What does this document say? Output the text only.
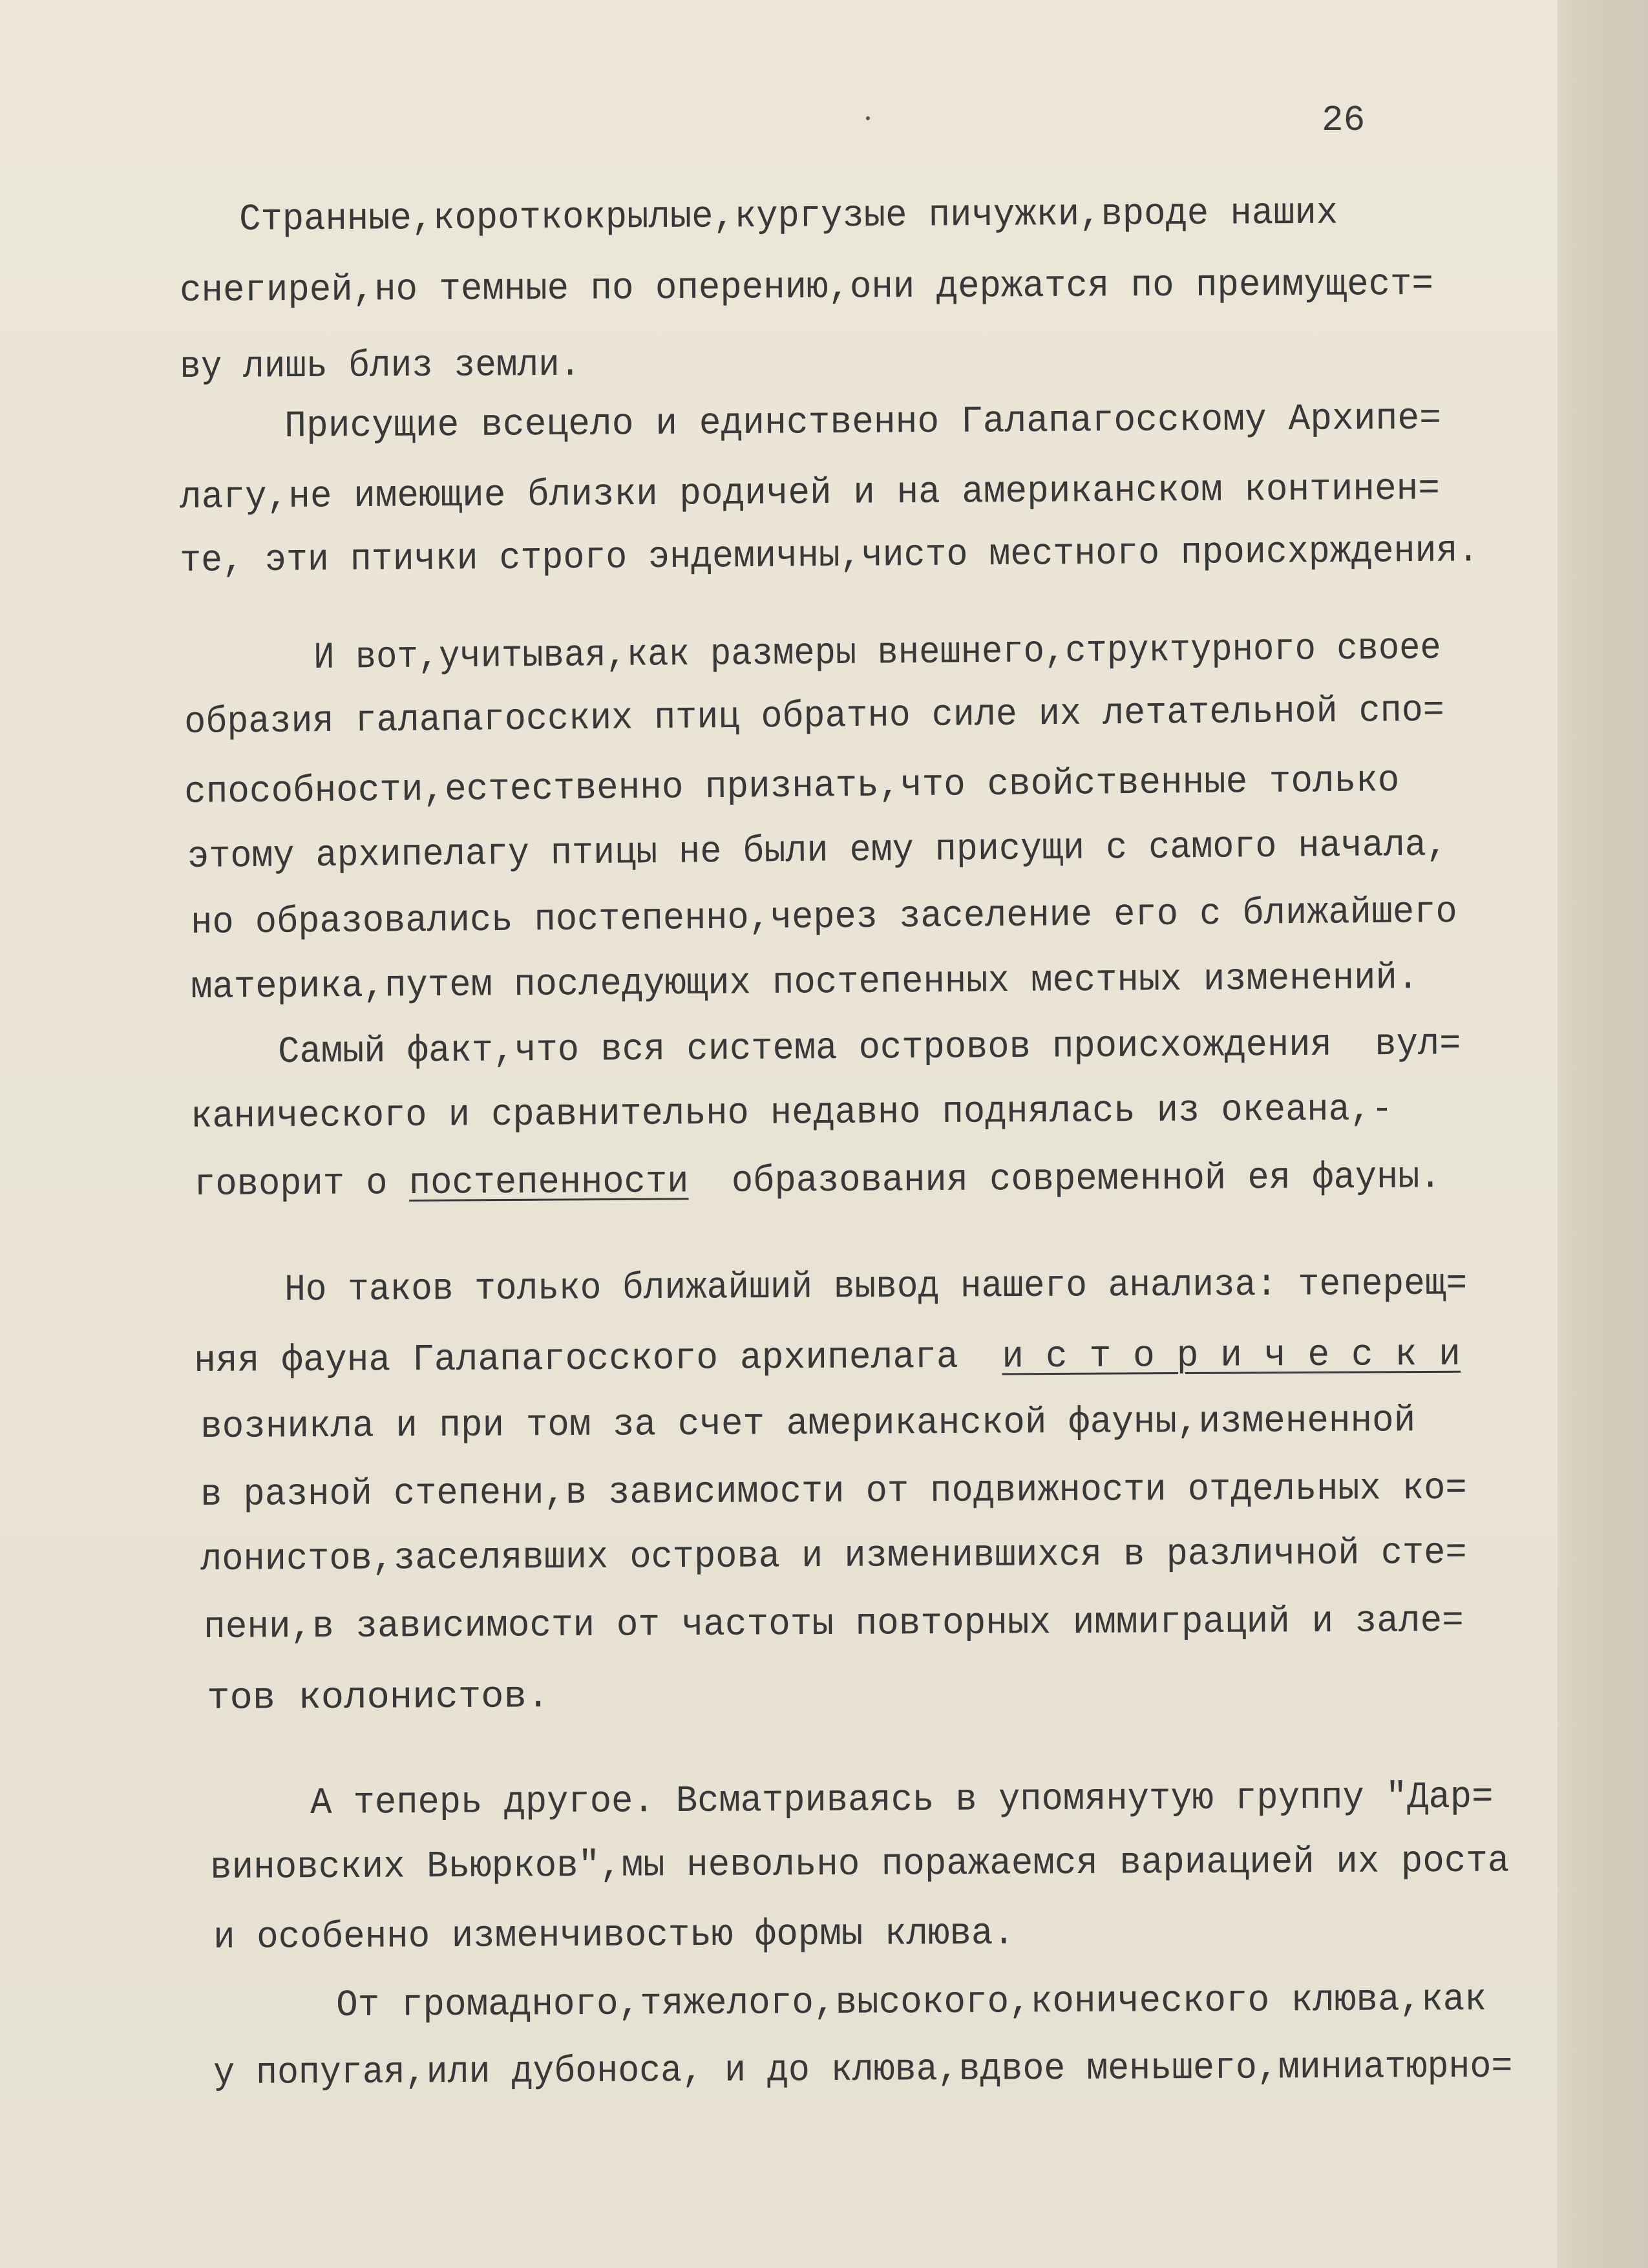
26

Странные,короткокрылые,кургузые пичужки,вроде наших

снегирей,но темные по оперению,они держатся по преимущест=

ву лишь близ земли.

Присущие всецело и единственно Галапагосскому Архипе=

лагу,не имеющие близки родичей и на американском континен=

те, эти птички строго эндемичны,чисто местного происхрждения.

И вот,учитывая,как размеры внешнего,структурного своее

образия галапагосских птиц обратно силе их летательной спо=

способности,естественно признать,что свойственные только

этому архипелагу птицы не были ему присущи с самого начала,

но образовались постепенно,через заселение его с ближайшего

материка,путем последующих постепенных местных изменений.

Самый факт,что вся система островов происхождения  вул=

канического и сравнительно недавно поднялась из океана,-

говорит о постепенности  образования современной ея фауны.

Но таков только ближайший вывод нашего анализа: теперещ=

няя фауна Галапагосского архипелага  и с т о р и ч е с к и

возникла и при том за счет американской фауны,измененной

в разной степени,в зависимости от подвижности отдельных ко=

лонистов,заселявших острова и изменившихся в различной сте=

пени,в зависимости от частоты повторных иммиграций и зале=

тов колонистов.

А теперь другое. Всматриваясь в упомянутую группу "Дар=

виновских Вьюрков",мы невольно поражаемся вариацией их роста

и особенно изменчивостью формы клюва.

От громадного,тяжелого,высокого,конического клюва,как

у попугая,или дубоноса, и до клюва,вдвое меньшего,миниатюрно=
